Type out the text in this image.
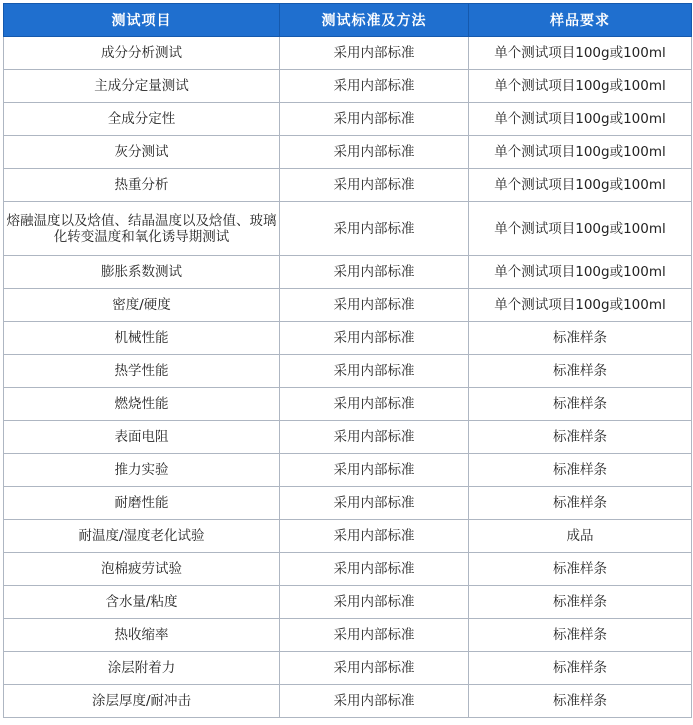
测试项目	测试标准及方法	样品要求
成分分析测试	采用内部标准	单个测试项目100g或100ml
主成分定量测试	采用内部标准	单个测试项目100g或100ml
全成分定性	采用内部标准	单个测试项目100g或100ml
灰分测试	采用内部标准	单个测试项目100g或100ml
热重分析	采用内部标准	单个测试项目100g或100ml
熔融温度以及焓值、结晶温度以及焓值、玻璃化转变温度和氧化诱导期测试	采用内部标准	单个测试项目100g或100ml
膨胀系数测试	采用内部标准	单个测试项目100g或100ml
密度/硬度	采用内部标准	单个测试项目100g或100ml
机械性能	采用内部标准	标准样条
热学性能	采用内部标准	标准样条
燃烧性能	采用内部标准	标准样条
表面电阻	采用内部标准	标准样条
推力实验	采用内部标准	标准样条
耐磨性能	采用内部标准	标准样条
耐温度/湿度老化试验	采用内部标准	成品
泡棉疲劳试验	采用内部标准	标准样条
含水量/粘度	采用内部标准	标准样条
热收缩率	采用内部标准	标准样条
涂层附着力	采用内部标准	标准样条
涂层厚度/耐冲击	采用内部标准	标准样条
